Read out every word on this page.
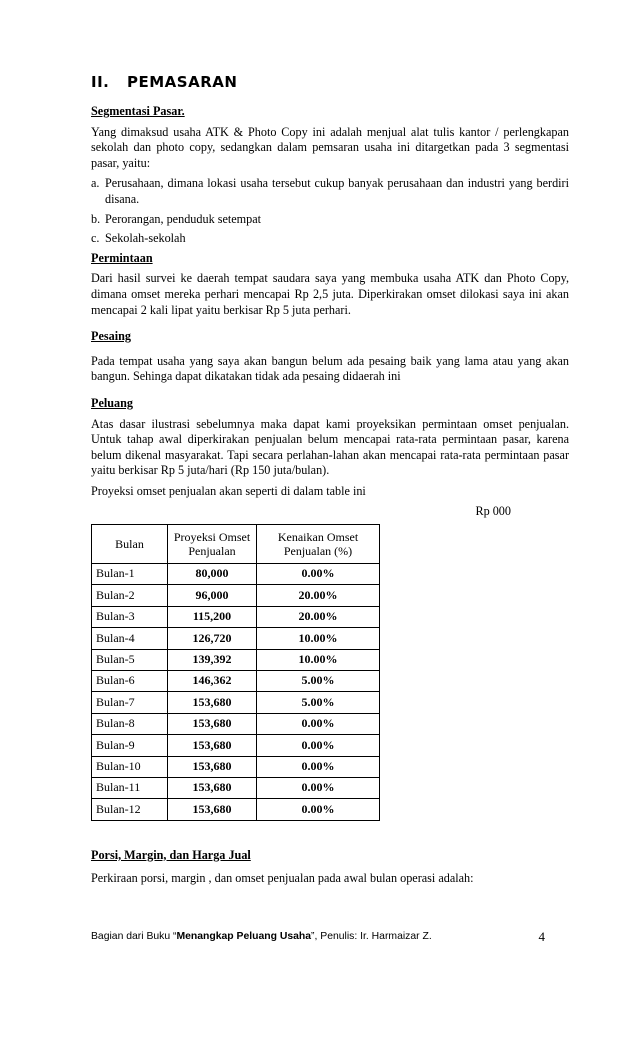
II. PEMASARAN
Segmentasi Pasar.

Yang dimaksud usaha ATK & Photo Copy ini adalah menjual alat tulis kantor / perlengkapan sekolah dan photo copy, sedangkan dalam pemsaran usaha ini ditargetkan pada 3 segmentasi pasar, yaitu:

a. Perusahaan, dimana lokasi usaha tersebut cukup banyak perusahaan dan industri yang berdiri disana.
b. Perorangan, penduduk setempat
c. Sekolah-sekolah
Permintaan

Dari hasil survei ke daerah tempat saudara saya yang membuka usaha ATK dan Photo Copy, dimana omset mereka perhari mencapai Rp 2,5 juta. Diperkirakan omset dilokasi saya ini akan mencapai 2 kali lipat yaitu berkisar Rp 5 juta perhari.

Pesaing

Pada tempat usaha yang saya akan bangun belum ada pesaing baik yang lama atau yang akan bangun. Sehinga dapat dikatakan tidak ada pesaing didaerah ini

Peluang

Atas dasar ilustrasi sebelumnya maka dapat kami proyeksikan permintaan omset penjualan. Untuk tahap awal diperkirakan penjualan belum mencapai rata-rata permintaan pasar, karena belum dikenal masyarakat. Tapi secara perlahan-lahan akan mencapai rata-rata permintaan pasar yaitu berkisar Rp 5 juta/hari (Rp 150 juta/bulan).

Proyeksi omset penjualan akan seperti di dalam table ini

Rp 000
Bulan	Proyeksi Omset Penjualan	Kenaikan Omset Penjualan (%)
Bulan-1	80,000	0.00%
Bulan-2	96,000	20.00%
Bulan-3	115,200	20.00%
Bulan-4	126,720	10.00%
Bulan-5	139,392	10.00%
Bulan-6	146,362	5.00%
Bulan-7	153,680	5.00%
Bulan-8	153,680	0.00%
Bulan-9	153,680	0.00%
Bulan-10	153,680	0.00%
Bulan-11	153,680	0.00%
Bulan-12	153,680	0.00%
Porsi, Margin, dan Harga Jual

Perkiraan porsi, margin , dan omset penjualan pada awal bulan operasi adalah:

Bagian dari Buku “Menangkap Peluang Usaha”, Penulis: Ir. Harmaizar Z.	4
